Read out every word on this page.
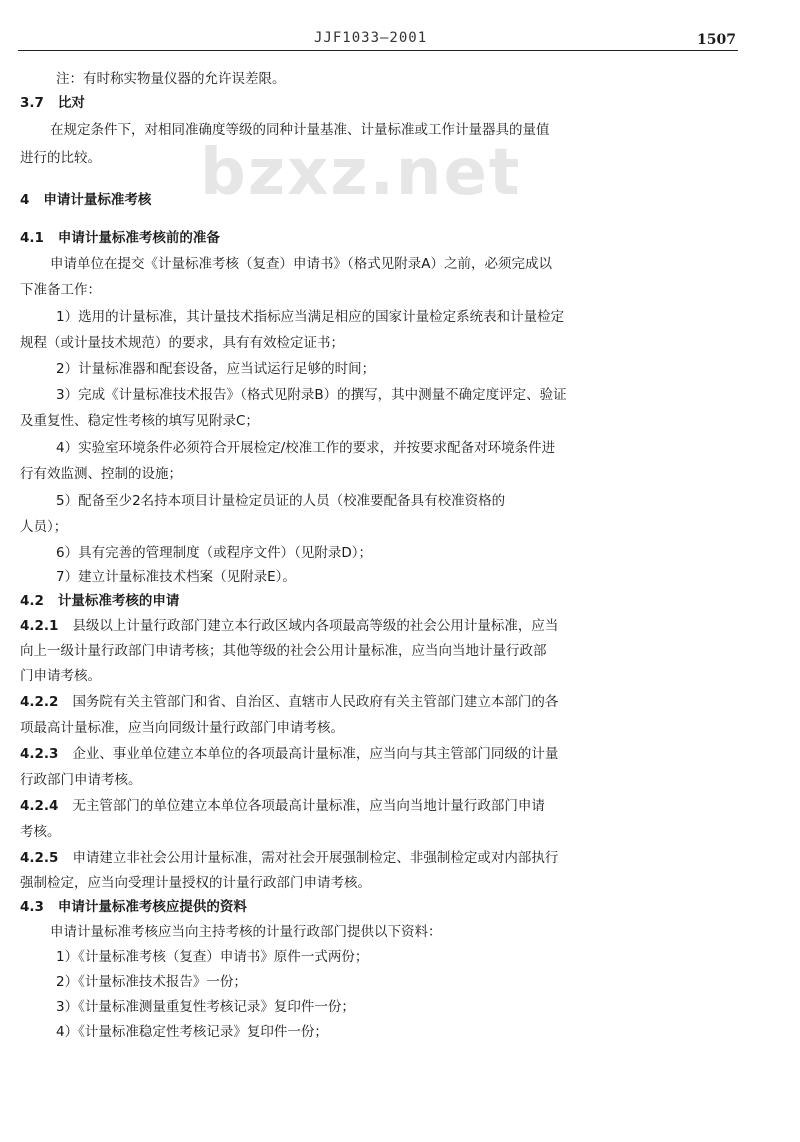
JJF1033—2001	1507
bzxz.net
注：有时称实物量仪器的允许误差限。
3.7 比对
在规定条件下，对相同准确度等级的同种计量基准、计量标准或工作计量器具的量值
进行的比较。
4 申请计量标准考核
4.1 申请计量标准考核前的准备
申请单位在提交《计量标准考核（复查）申请书》（格式见附录A）之前，必须完成以
下准备工作：
1）选用的计量标准，其计量技术指标应当满足相应的国家计量检定系统表和计量检定
规程（或计量技术规范）的要求，具有有效检定证书；
2）计量标准器和配套设备，应当试运行足够的时间；
3）完成《计量标准技术报告》（格式见附录B）的撰写，其中测量不确定度评定、验证
及重复性、稳定性考核的填写见附录C；
4）实验室环境条件必须符合开展检定/校准工作的要求，并按要求配备对环境条件进
行有效监测、控制的设施；
5）配备至少2名持本项目计量检定员证的人员（校准要配备具有校准资格的
人员）；
6）具有完善的管理制度（或程序文件）（见附录D）；
7）建立计量标准技术档案（见附录E）。
4.2 计量标准考核的申请
4.2.1 县级以上计量行政部门建立本行政区域内各项最高等级的社会公用计量标准，应当
向上一级计量行政部门申请考核；其他等级的社会公用计量标准，应当向当地计量行政部
门申请考核。
4.2.2 国务院有关主管部门和省、自治区、直辖市人民政府有关主管部门建立本部门的各
项最高计量标准，应当向同级计量行政部门申请考核。
4.2.3 企业、事业单位建立本单位的各项最高计量标准，应当向与其主管部门同级的计量
行政部门申请考核。
4.2.4 无主管部门的单位建立本单位各项最高计量标准，应当向当地计量行政部门申请
考核。
4.2.5 申请建立非社会公用计量标准，需对社会开展强制检定、非强制检定或对内部执行
强制检定，应当向受理计量授权的计量行政部门申请考核。
4.3 申请计量标准考核应提供的资料
申请计量标准考核应当向主持考核的计量行政部门提供以下资料：
1）《计量标准考核（复查）申请书》原件一式两份；
2）《计量标准技术报告》一份；
3）《计量标准测量重复性考核记录》复印件一份；
4）《计量标准稳定性考核记录》复印件一份；
